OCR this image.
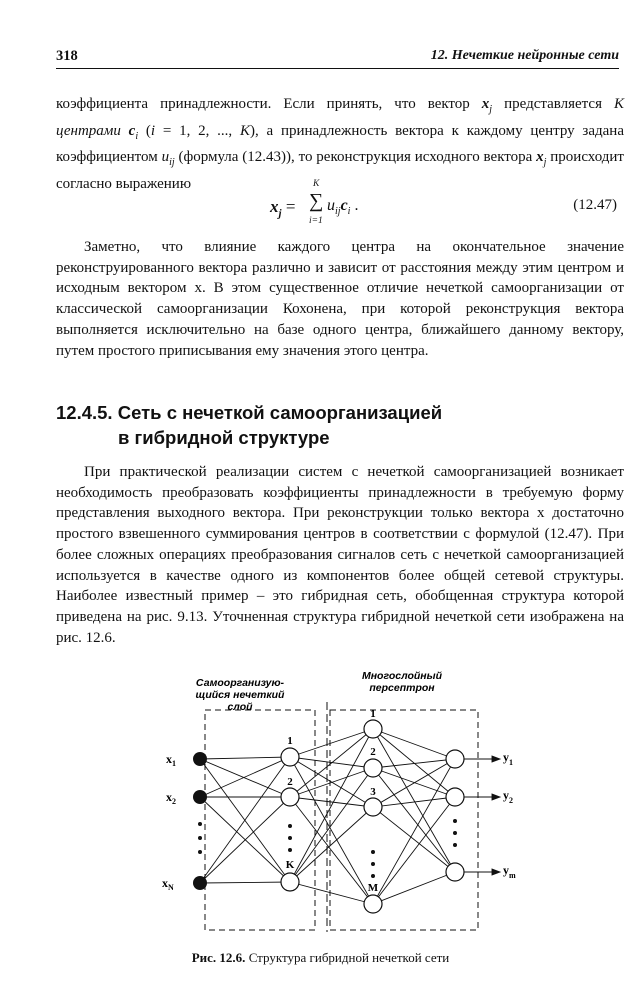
318	12. Нечеткие нейронные сети

коэффициента принадлежности. Если принять, что вектор $x_j$ представляется K центрами $c_i$ (i = 1, 2, ..., K), а принадлежность вектора к каждому центру задана коэффициентом $u_{ij}$ (формула (12.43)), то реконструкция исходного вектора $x_j$ происходит согласно выражению

$x_j$ =
K
∑
i=1
$u_{ij}c_i$ .	(12.47)

Заметно, что влияние каждого центра на окончательное значение реконструированного вектора различно и зависит от расстояния между этим центром и исходным вектором x. В этом существенное отличие нечеткой самоорганизации от классической самоорганизации Кохонена, при которой реконструкция вектора выполняется исключительно на базе одного центра, ближайшего данному вектору, путем простого приписывания ему значения этого центра.

12.4.5. Сеть с нечеткой самоорганизацией
в гибридной структуре

При практической реализации систем с нечеткой самоорганизацией возникает необходимость преобразовать коэффициенты принадлежности в требуемую форму представления выходного вектора. При реконструкции только вектора x достаточно простого взвешенного суммирования центров в соответствии с формулой (12.47). При более сложных операциях преобразования сигналов сеть с нечеткой самоорганизацией используется в качестве одного из компонентов более общей сетевой структуры. Наиболее известный пример – это гибридная сеть, обобщенная структура которой приведена на рис. 9.13. Уточненная структура гибридной нечеткой сети изображена на рис. 12.6.

Самоорганизую-
щийся нечеткий
слой
Многослойный
персептрон
1
2
K
1
2
3
M
$x_1$
$x_2$
$x_N$
$y_1$
$y_2$
$y_m$
Рис. 12.6. Структура гибридной нечеткой сети
